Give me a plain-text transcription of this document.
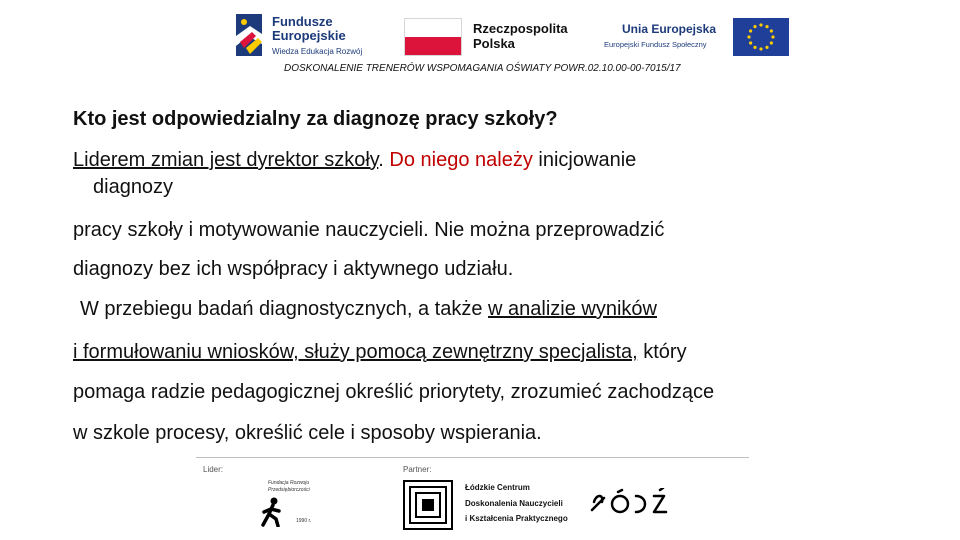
Fundusze
Europejskie
Wiedza Edukacja Rozwój
Rzeczpospolita
Polska
Unia Europejska
Europejski Fundusz Społeczny
DOSKONALENIE TRENERÓW WSPOMAGANIA OŚWIATY POWR.02.10.00-00-7015/17
Kto jest odpowiedzialny za diagnozę pracy szkoły?
Liderem zmian jest dyrektor szkoły. Do niego należy inicjowanie
diagnozy
pracy szkoły i motywowanie nauczycieli. Nie można przeprowadzić
diagnozy bez ich współpracy i aktywnego udziału.
W przebiegu badań diagnostycznych, a także w analizie wyników
i formułowaniu wniosków, służy pomocą zewnętrzny specjalista, który
pomaga radzie pedagogicznej określić priorytety, zrozumieć zachodzące
w szkole procesy, określić cele i sposoby wspierania.
Lider:	Partner:
Fundacja Rozwoju
Przedsiębiorczości
1990 r.
Łódzkie Centrum
Doskonalenia Nauczycieli
i Kształcenia Praktycznego
